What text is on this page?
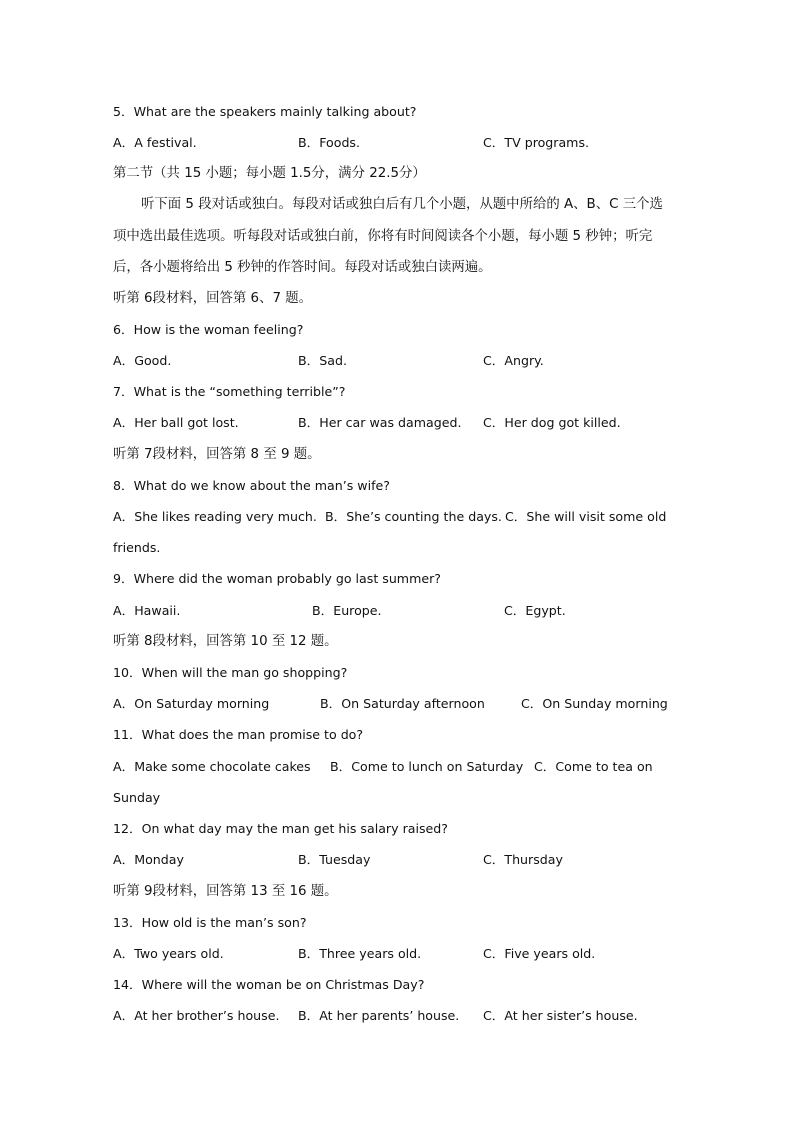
5．What are the speakers mainly talking about?
A．A festival.	B．Foods.	C．TV programs.
第二节（共 15 小题；每小题 1.5分，满分 22.5分）
听下面 5 段对话或独白。每段对话或独白后有几个小题，从题中所给的 A、B、C 三个选
项中选出最佳选项。听每段对话或独白前，你将有时间阅读各个小题，每小题 5 秒钟；听完
后，各小题将给出 5 秒钟的作答时间。每段对话或独白读两遍。
听第 6段材料，回答第 6、7 题。
6．How is the woman feeling?
A．Good.	B．Sad.	C．Angry.
7．What is the “something terrible”?
A．Her ball got lost.	B．Her car was damaged. C．Her dog got killed.
听第 7段材料，回答第 8 至 9 题。
8．What do we know about the man’s wife?
A．She likes reading very much. B．She’s counting the days. C．She will visit some old
friends.
9．Where did the woman probably go last summer?
A．Hawaii.	B．Europe.	C．Egypt.
听第 8段材料，回答第 10 至 12 题。
10．When will the man go shopping?
A．On Saturday morning	B．On Saturday afternoon	C．On Sunday morning
11．What does the man promise to do?
A．Make some chocolate cakes B．Come to lunch on Saturday C．Come to tea on
Sunday
12．On what day may the man get his salary raised?
A．Monday	B．Tuesday	C．Thursday
听第 9段材料，回答第 13 至 16 题。
13．How old is the man’s son?
A．Two years old.	B．Three years old.	C．Five years old.
14．Where will the woman be on Christmas Day?
A．At her brother’s house. B．At her parents’ house. C．At her sister’s house.
